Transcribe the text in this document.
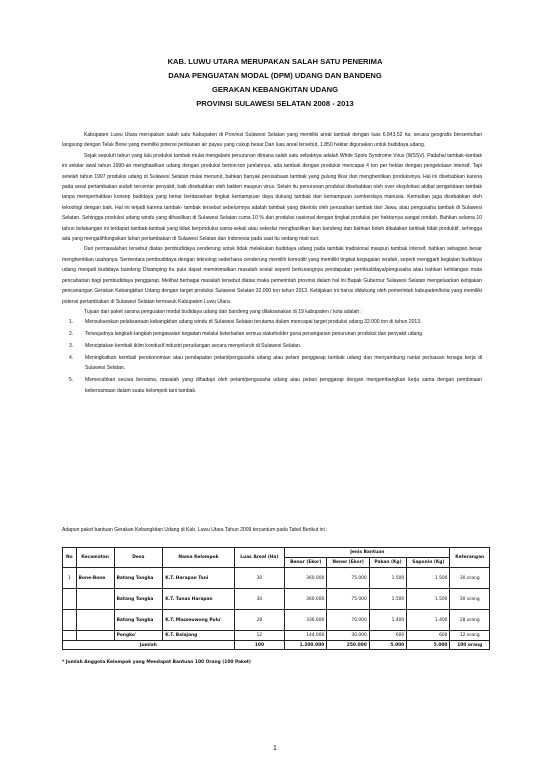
KAB. LUWU UTARA MERUPAKAN SALAH SATU PENERIMA
DANA PENGUATAN MODAL (DPM) UDANG DAN BANDENG
GERAKAN KEBANGKITAN UDANG
PROVINSI SULAWESI SELATAN 2008 - 2013

Kabupaten Luwu Utara merupakan salah satu Kabupaten di Provinsi Sulawesi Selatan yang memiliki areal tambak dengan luas 6.843,52 ha, secara geografis bersentuhan langsung dengan Teluk Bone yang memiliki potensi perikanan air payau yang cukup besar Dari luas areal tersebut, 1.850 hektar digunakan untuk budidaya udang.

Sejak sepuluh tahun yang lalu produksi tambak mulai mengalami penurunan dimana salah satu sebabnya adalah White Spots Syndrome Virus (WSSV). Padahal tambak-tambak ini sekitar awal tahun 1990-an menghasilkan udang dengan produksi berton-ton jumlahnya, ada tambak dengan produksi mencapai 4 ton per hektar dengan pengelolaan intensif. Tapi setelah tahun 1997 produksi udang di Sulawesi Selatan mulai menurut, bahkan banyak perusahaan tambak yang gulung tikar dan menghentikan produksinya. Hal ini disebabkan karena pada areal pertambakan sudah tercemar penyakit, baik disebabkan oleh bakteri maupun virus. Selain itu penurunan produksi disebabkan oleh over eksploitasi akibat pengelolaan tambak tanpa memperhatikan konsep budidaya yang benar berdasarkan tingkat kemampuan daya dukung tambak dan kemampuan sumberdaya manusia. Kemudian juga disebabkan oleh teknologi dengan baik. Hal ini terjadi karena tambak- tambak tersebut sebelumnya adalah tambak yang dikelola oleh perusahan tambak dari Jawa, atau pengusaha tambak di Sulawesi Selatan. Sehingga produksi udang windu yang dihasilkan di Sulawesi Selatan cuma 10 % dari produksi nasional dengan tingkat produksi per hektarnya sangat rendah. Bahkan selama 10 tahun belakangan ini terdapat tambak-tambak yang tidak berproduksi sama-sekali atau sekedar menghasilkan ikan bandeng dan bahkan boleh dikatakan tambak tidak produktif, sehingga ada yang mengalihfungsikan lahan pertambakan di Sulawesi Selatan dan Indonesia pada saat itu sedang mati suri.

Dari permasalahan tersebut diatas pembudidaya cenderung untuk tidak melakukan budidaya udang pada tambak tradisional maupun tambak intensif, bahkan sebagian besar menghentikan usahanya. Sementara pembudidaya dengan teknologi sederhana cenderung memilih komoditi yang memiliki tingkat kegagalan rendah, seperti menggarti kegiatan budidaya udang menjadi budidaya bandeng Disamping itu pula dapat meminimalkan masalah sosial seperti berkurangnya pendapatan pembudidaya/pengusaha atau bahkan kehilangan mata pencaharian bagi pembudidaya penggarap. Melihat berbagai masalah tersebut diatas maka pemerintah provinsi dalam hal ini Bapak Gubernur Sulawesi Selatan mengeluarkan kebijakan pencanangan Gerakan Kebangkitan Udang dengan target produksi Sulawesi Selatan 32.000 ton tahun 2013. Kebijakan ini harus didukung oleh pemerintah kabupaten/kota yang memiliki potensi pertambakan di Sulawesi Selatan termasuk Kabupaten Luwu Utara.

Tujuan dari paket sarana penguatan modal budidaya udang dan bandeng yang dilaksanakan di 19 kabupaten / kota adalah :

1. Mensukseskan pelaksanaan kebangkitan udang windu di Sulawesi Selatan terutama dalam mencapai target produksi udang 32.000 ton di tahun 2013.
2. Terwujudnya langkah-langkah pengawalan kegiatan melalui keterkaitan semua stakeholder guna penanganan penurunan produksi dan penyakit udang.
3. Menciptakan kembali iklim kondusif industri perudangan secara menyeluruh di Sulawesi Selatan.
4. Meningkatkan kembali perekonomian atau pendapatan petani/pengusaha udang atau petani penggarap tambak udang dan menyambung rantai perluasan tenaga kerja di Sulawesi Selatan.
5. Memecahkan secara bersama, masalah yang dihadapi oleh petani/pengusaha udang atau petani penggarap dengan mengembangkan kerja sama dengan pembinaan kebersamaan dalam suatu kelompok tani tambak.
Adapun paket bantuan Gerakan Kebangkitan Udang di Kab. Luwu Utara Tahun 2009 tercantum pada Tabel Berikut ini :
No	Kecamatan	Desa	Nama Kelompok	Luas Areal (Ha)	Jenis Bantuan				Keterangan
					Benur (Ekor)	Nener (Ekor)	Pakan (Kg)	Saponin (Kg)	
1	Bone-Bone	Batang Tongka	K.T. Harapan Tani	30	360.000	75.000	1.500	1.500	30 orang
		Batang Tongka	K.T. Tunas Harapan	30	360.000	75.000	1.500	1.500	30 orang
		Batang Tongka	K.T. Masseuwong Pulu'	28	336.000	70.000	1.400	1.400	28 orang
		Pongko'	K.T. Balajang	12	144.000	30.000	600	600	12 orang
Jumlah				100	1.200.000	250.000	5.000	5.000	100 orang
* Jumlah Anggota Kelompok yang Mendapat Bantuan 100 Orang (100 Paket)
1
